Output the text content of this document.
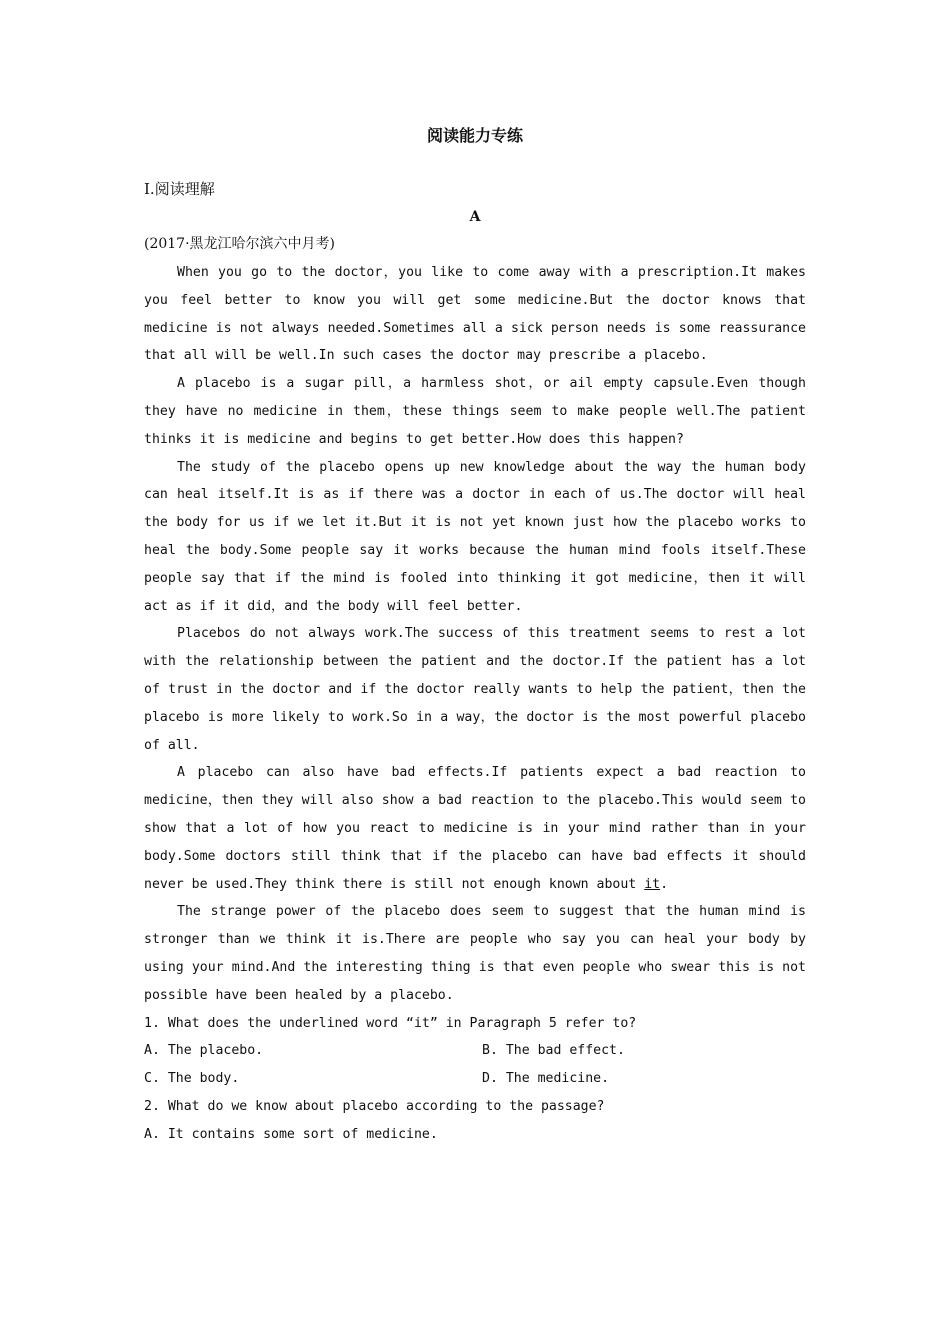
阅读能力专练
Ⅰ.阅读理解
A
(2017·黑龙江哈尔滨六中月考)

When you go to the doctor，you like to come away with a prescription.It makes you feel better to know you will get some medicine.But the doctor knows that medicine is not always needed.Sometimes all a sick person needs is some reassurance that all will be well.In such cases the doctor may prescribe a placebo.

A placebo is a sugar pill，a harmless shot，or ail empty capsule.Even though they have no medicine in them，these things seem to make people well.The patient thinks it is medicine and begins to get better.How does this happen?

The study of the placebo opens up new knowledge about the way the human body can heal itself.It is as if there was a doctor in each of us.The doctor will heal the body for us if we let it.But it is not yet known just how the placebo works to heal the body.Some people say it works because the human mind fools itself.These people say that if the mind is fooled into thinking it got medicine，then it will act as if it did，and the body will feel better.

Placebos do not always work.The success of this treatment seems to rest a lot with the relationship between the patient and the doctor.If the patient has a lot of trust in the doctor and if the doctor really wants to help the patient，then the placebo is more likely to work.So in a way，the doctor is the most powerful placebo of all.

A placebo can also have bad effects.If patients expect a bad reaction to medicine，then they will also show a bad reaction to the placebo.This would seem to show that a lot of how you react to medicine is in your mind rather than in your body.Some doctors still think that if the placebo can have bad effects it should never be used.They think there is still not enough known about it.

The strange power of the placebo does seem to suggest that the human mind is stronger than we think it is.There are people who say you can heal your body by using your mind.And the interesting thing is that even people who swear this is not possible have been healed by a placebo.

1. What does the underlined word “it” in Paragraph 5 refer to?

A. The placebo.	B. The bad effect.
C. The body.	D. The medicine.

2. What do we know about placebo according to the passage?

A. It contains some sort of medicine.
